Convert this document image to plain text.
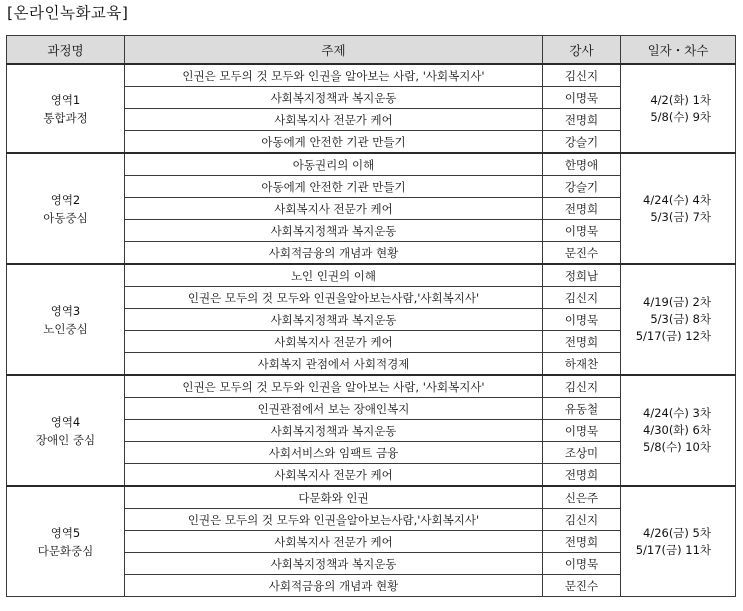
[온라인녹화교육]
과정명	주제	강사	일자・차수

영역1
통합과정	인권은 모두의 것 모두와 인권을 알아보는 사람, '사회복지사'	김신지	4/2(화) 1차
5/8(수) 9차

	사회복지정책과 복지운동	이명묵	
	사회복지사 전문가 케어	전명희	
	아동에게 안전한 기관 만들기	강슬기	

영역2
아동중심	아동권리의 이해	한명애	4/24(수) 4차
5/3(금) 7차

	아동에게 안전한 기관 만들기	강슬기	
	사회복지사 전문가 케어	전명희	
	사회복지정책과 복지운동	이명묵	
	사회적금융의 개념과 현황	문진수	

영역3
노인중심	노인 인권의 이해	정희남	4/19(금) 2차
5/3(금) 8차
5/17(금) 12차

	인권은 모두의 것 모두와 인권을알아보는사람,'사회복지사'	김신지	
	사회복지정책과 복지운동	이명묵	
	사회복지사 전문가 케어	전명희	
	사회복지 관점에서 사회적경제	하재찬	

영역4
장애인 중심	인권은 모두의 것 모두와 인권을 알아보는 사람, '사회복지사'	김신지	4/24(수) 3차
4/30(화) 6차
5/8(수) 10차

	인권관점에서 보는 장애인복지	유동철	
	사회복지정책과 복지운동	이명묵	
	사회서비스와 임팩트 금융	조상미	
	사회복지사 전문가 케어	전명희	

영역5
다문화중심	다문화와 인권	신은주	4/26(금) 5차
5/17(금) 11차

	인권은 모두의 것 모두와 인권을알아보는사람,'사회복지사'	김신지	
	사회복지사 전문가 케어	전명희	
	사회복지정책과 복지운동	이명묵	
	사회적금융의 개념과 현황	문진수	
